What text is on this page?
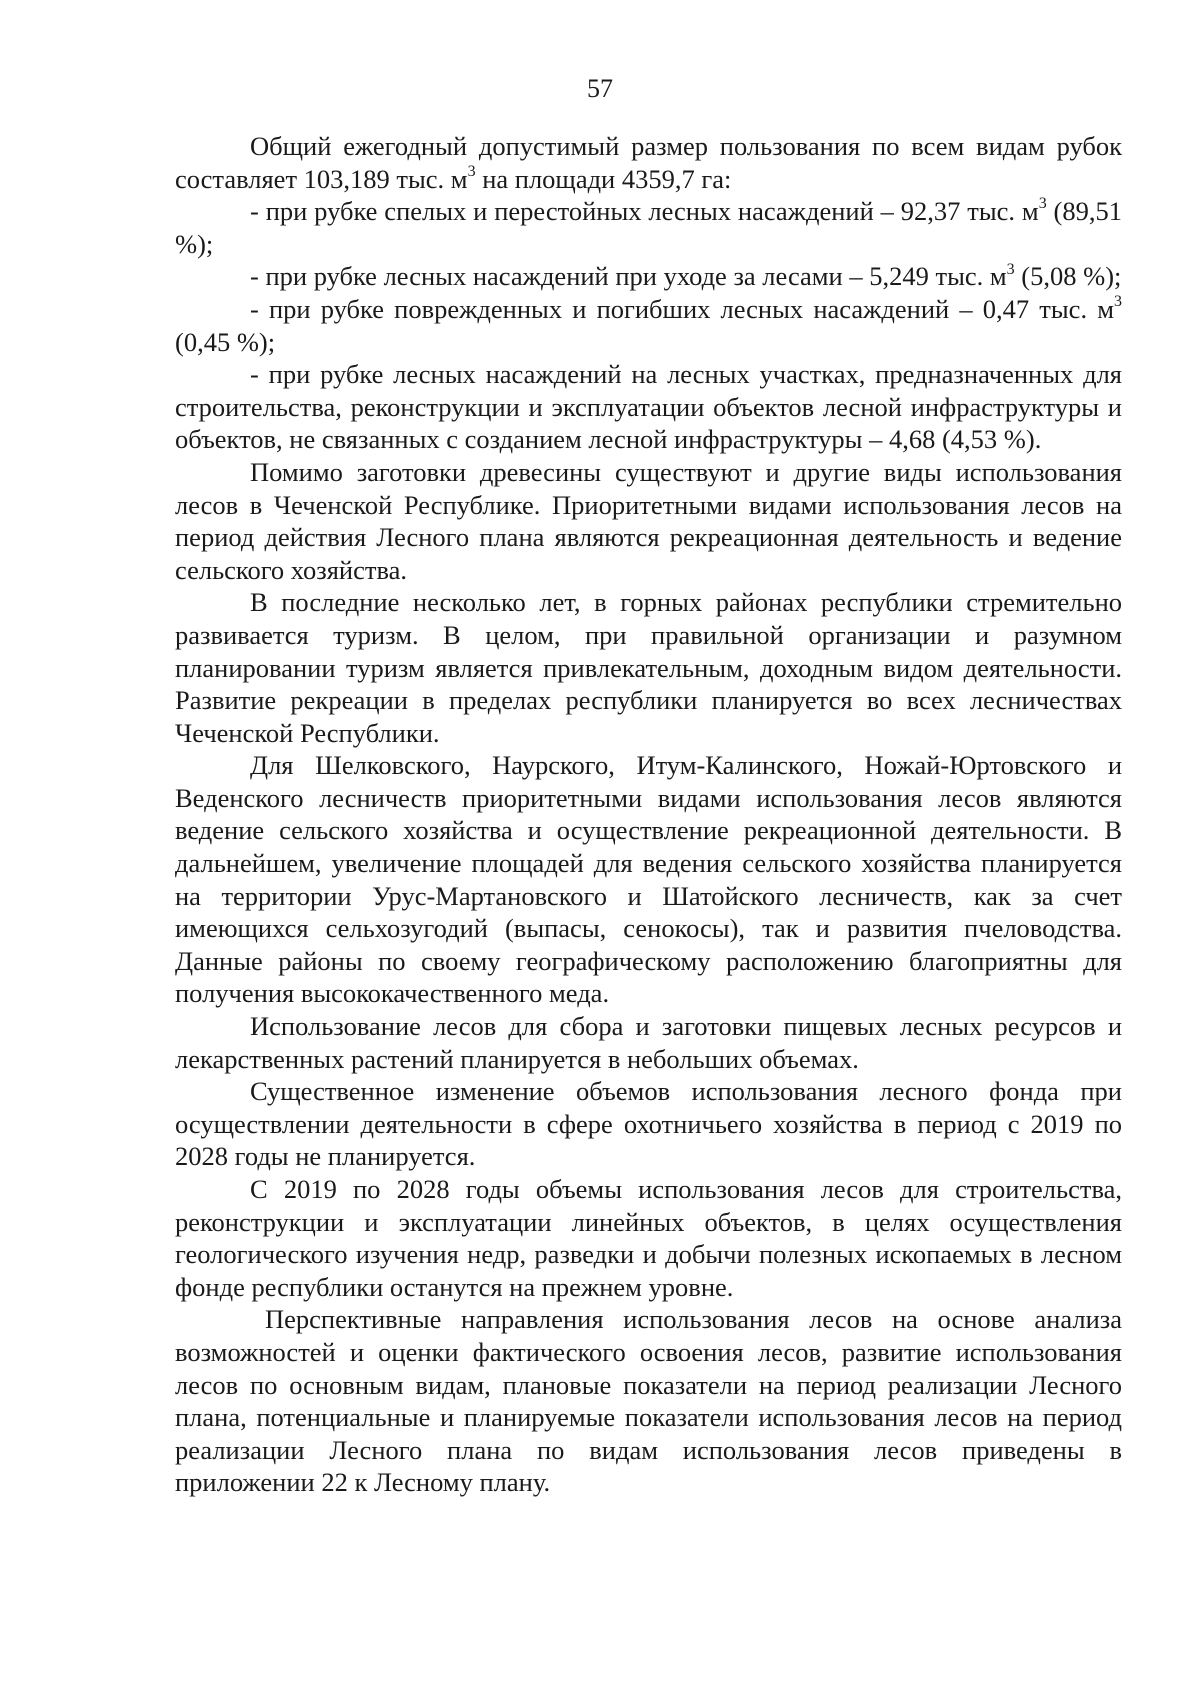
57

Общий ежегодный допустимый размер пользования по всем видам рубок составляет 103,189 тыс. $м^3$ на площади 4359,7 га:

- при рубке спелых и перестойных лесных насаждений – 92,37 тыс. $м^3$ (89,51 %);

- при рубке лесных насаждений при уходе за лесами – 5,249 тыс. $м^3$ (5,08 %);

- при рубке поврежденных и погибших лесных насаждений – 0,47 тыс. $м^3$ (0,45 %);

- при рубке лесных насаждений на лесных участках, предназначенных для строительства, реконструкции и эксплуатации объектов лесной инфраструктуры и объектов, не связанных с созданием лесной инфраструктуры – 4,68 (4,53 %).

Помимо заготовки древесины существуют и другие виды использования лесов в Чеченской Республике. Приоритетными видами использования лесов на период действия Лесного плана являются рекреационная деятельность и ведение сельского хозяйства.

В последние несколько лет, в горных районах республики стремительно развивается туризм. В целом, при правильной организации и разумном планировании туризм является привлекательным, доходным видом деятельности. Развитие рекреации в пределах республики планируется во всех лесничествах Чеченской Республики.

Для Шелковского, Наурского, Итум-Калинского, Ножай-Юртовского и Веденского лесничеств приоритетными видами использования лесов являются ведение сельского хозяйства и осуществление рекреационной деятельности. В дальнейшем, увеличение площадей для ведения сельского хозяйства планируется на территории Урус-Мартановского и Шатойского лесничеств, как за счет имеющихся сельхозугодий (выпасы, сенокосы), так и развития пчеловодства. Данные районы по своему географическому расположению благоприятны для получения высококачественного меда.

Использование лесов для сбора и заготовки пищевых лесных ресурсов и лекарственных растений планируется в небольших объемах.

Существенное изменение объемов использования лесного фонда при осуществлении деятельности в сфере охотничьего хозяйства в период с 2019 по 2028 годы не планируется.

С 2019 по 2028 годы объемы использования лесов для строительства, реконструкции и эксплуатации линейных объектов, в целях осуществления геологического изучения недр, разведки и добычи полезных ископаемых в лесном фонде республики останутся на прежнем уровне.

Перспективные направления использования лесов на основе анализа возможностей и оценки фактического освоения лесов, развитие использования лесов по основным видам, плановые показатели на период реализации Лесного плана, потенциальные и планируемые показатели использования лесов на период реализации Лесного плана по видам использования лесов приведены в приложении 22 к Лесному плану.
